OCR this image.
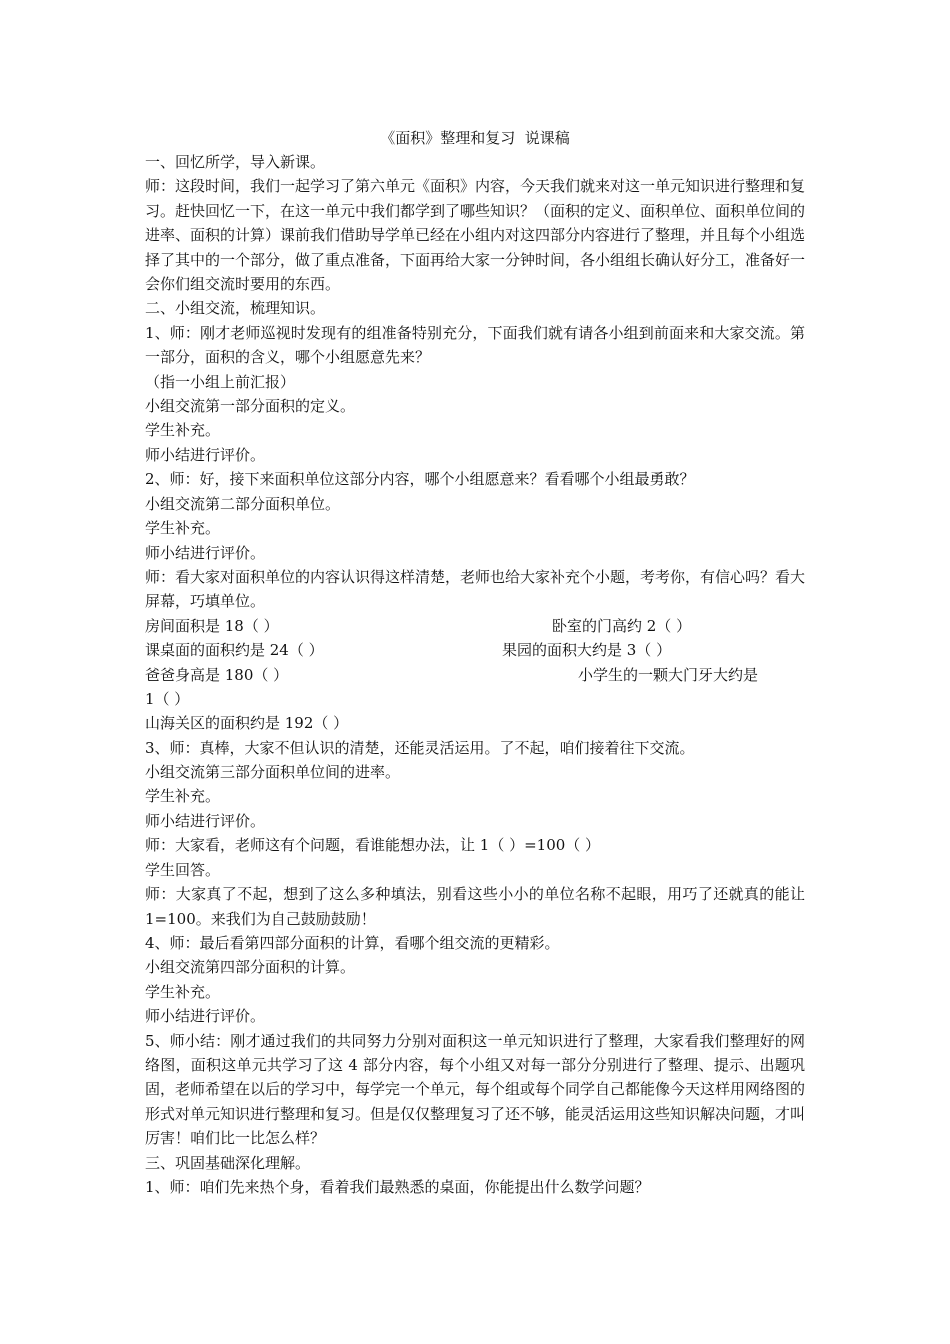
《面积》整理和复习  说课稿

一、回忆所学，导入新课。

师：这段时间，我们一起学习了第六单元《面积》内容，今天我们就来对这一单元知识进行整理和复习。赶快回忆一下，在这一单元中我们都学到了哪些知识？（面积的定义、面积单位、面积单位间的进率、面积的计算）课前我们借助导学单已经在小组内对这四部分内容进行了整理，并且每个小组选择了其中的一个部分，做了重点准备，下面再给大家一分钟时间，各小组组长确认好分工，准备好一会你们组交流时要用的东西。

二、小组交流，梳理知识。

1、师：刚才老师巡视时发现有的组准备特别充分，下面我们就有请各小组到前面来和大家交流。第一部分，面积的含义，哪个小组愿意先来？

（指一小组上前汇报）

小组交流第一部分面积的定义。

学生补充。

师小结进行评价。

2、师：好，接下来面积单位这部分内容，哪个小组愿意来？看看哪个小组最勇敢？

小组交流第二部分面积单位。

学生补充。

师小结进行评价。

师：看大家对面积单位的内容认识得这样清楚，老师也给大家补充个小题，考考你，有信心吗？看大屏幕，巧填单位。

房间面积是 18（ ）	卧室的门高约 2（ ）
课桌面的面积约是 24（ ）	果园的面积大约是 3（ ）
爸爸身高是 180（ ）	小学生的一颗大门牙大约是
1（ ）
山海关区的面积约是 192（ ）

3、师：真棒，大家不但认识的清楚，还能灵活运用。了不起，咱们接着往下交流。

小组交流第三部分面积单位间的进率。

学生补充。

师小结进行评价。

师：大家看，老师这有个问题，看谁能想办法，让 1（ ）=100（ ）

学生回答。

师：大家真了不起，想到了这么多种填法，别看这些小小的单位名称不起眼，用巧了还就真的能让 1=100。来我们为自己鼓励鼓励！

4、师：最后看第四部分面积的计算，看哪个组交流的更精彩。

小组交流第四部分面积的计算。

学生补充。

师小结进行评价。

5、师小结：刚才通过我们的共同努力分别对面积这一单元知识进行了整理，大家看我们整理好的网络图，面积这单元共学习了这 4 部分内容，每个小组又对每一部分分别进行了整理、提示、出题巩固，老师希望在以后的学习中，每学完一个单元，每个组或每个同学自己都能像今天这样用网络图的形式对单元知识进行整理和复习。但是仅仅整理复习了还不够，能灵活运用这些知识解决问题，才叫厉害！咱们比一比怎么样？

三、巩固基础深化理解。

1、师：咱们先来热个身，看着我们最熟悉的桌面，你能提出什么数学问题？
